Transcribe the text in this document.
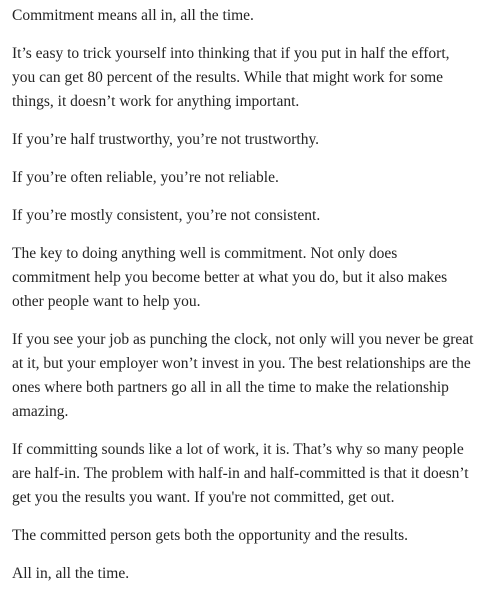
Commitment means all in, all the time.

It’s easy to trick yourself into thinking that if you put in half the effort, you can get 80 percent of the results. While that might work for some things, it doesn’t work for anything important.

If you’re half trustworthy, you’re not trustworthy.

If you’re often reliable, you’re not reliable.

If you’re mostly consistent, you’re not consistent.

The key to doing anything well is commitment. Not only does commitment help you become better at what you do, but it also makes other people want to help you.

If you see your job as punching the clock, not only will you never be great at it, but your employer won’t invest in you. The best relationships are the ones where both partners go all in all the time to make the relationship amazing.

If committing sounds like a lot of work, it is. That’s why so many people are half-in. The problem with half-in and half-committed is that it doesn’t get you the results you want. If you're not committed, get out.

The committed person gets both the opportunity and the results.

All in, all the time.
